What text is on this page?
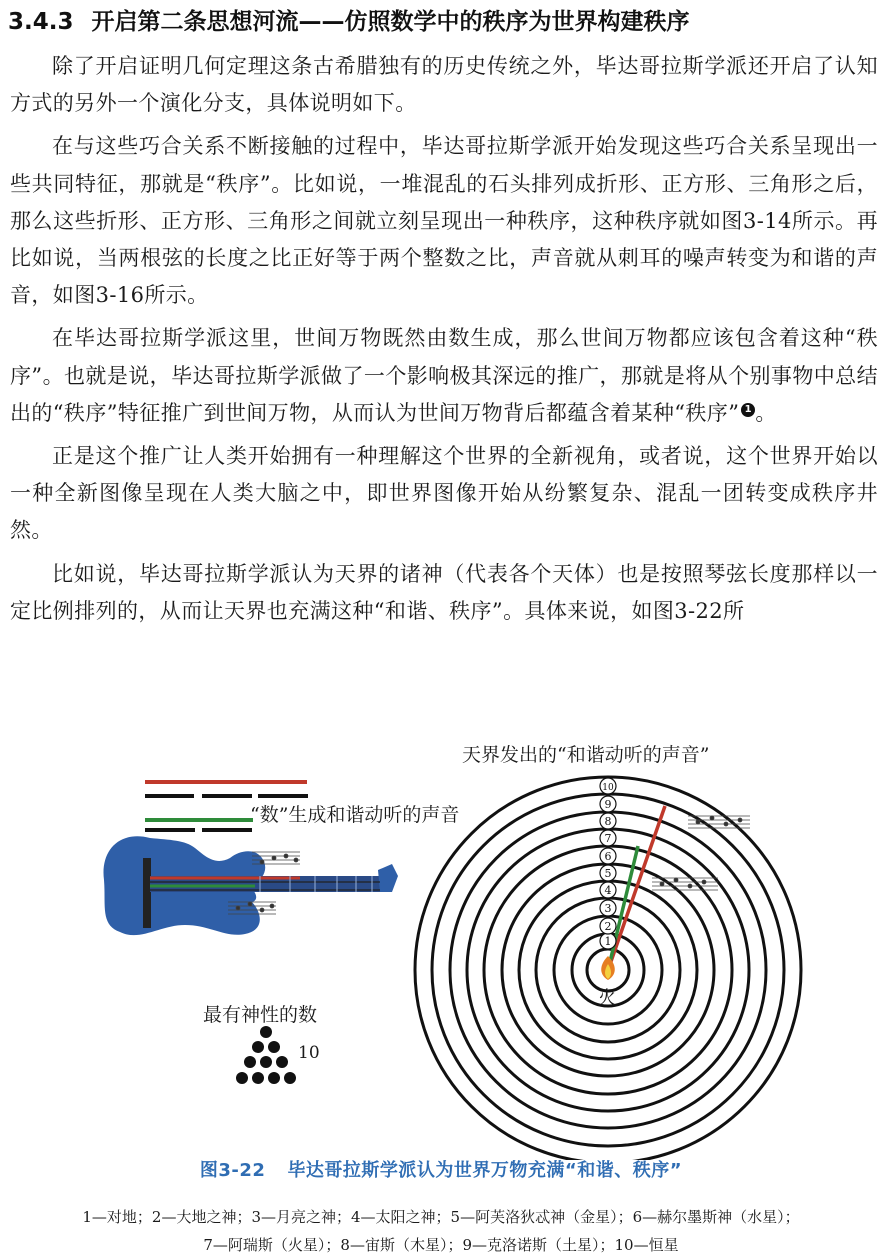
3.4.3 开启第二条思想河流——仿照数学中的秩序为世界构建秩序

除了开启证明几何定理这条古希腊独有的历史传统之外，毕达哥拉斯学派还开启了认知方式的另外一个演化分支，具体说明如下。

在与这些巧合关系不断接触的过程中，毕达哥拉斯学派开始发现这些巧合关系呈现出一些共同特征，那就是“秩序”。比如说，一堆混乱的石头排列成折形、正方形、三角形之后，那么这些折形、正方形、三角形之间就立刻呈现出一种秩序，这种秩序就如图3-14所示。再比如说，当两根弦的长度之比正好等于两个整数之比，声音就从刺耳的噪声转变为和谐的声音，如图3-16所示。

在毕达哥拉斯学派这里，世间万物既然由数生成，那么世间万物都应该包含着这种“秩序”。也就是说，毕达哥拉斯学派做了一个影响极其深远的推广，那就是将从个别事物中总结出的“秩序”特征推广到世间万物，从而认为世间万物背后都蕴含着某种“秩序” 1 。

正是这个推广让人类开始拥有一种理解这个世界的全新视角，或者说，这个世界开始以一种全新图像呈现在人类大脑之中，即世界图像开始从纷繁复杂、混乱一团转变成秩序井然。

比如说，毕达哥拉斯学派认为天界的诸神（代表各个天体）也是按照琴弦长度那样以一定比例排列的，从而让天界也充满这种“和谐、秩序”。具体来说，如图3-22所

1
2
3
4
5
6
7
8
9
10
天界发出的“和谐动听的声音”
“数”生成和谐动听的声音
最有神性的数
10
火
图3-22 毕达哥拉斯学派认为世界万物充满“和谐、秩序”
1—对地；2—大地之神；3—月亮之神；4—太阳之神；5—阿芙洛狄忒神（金星）；6—赫尔墨斯神（水星）；
7—阿瑞斯（火星）；8—宙斯（木星）；9—克洛诺斯（土星）；10—恒星
